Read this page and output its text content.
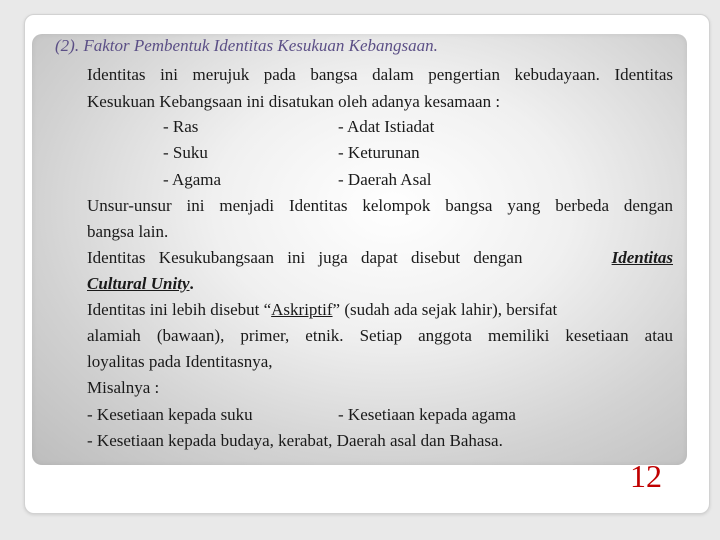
(2). Faktor Pembentuk Identitas Kesukuan Kebangsaan.

Identitas ini merujuk pada bangsa dalam pengertian kebudayaan. Identitas

Kesukuan Kebangsaan ini disatukan oleh adanya kesamaan :

- Ras	- Adat Istiadat

- Suku	- Keturunan

- Agama	- Daerah Asal

Unsur-unsur ini menjadi Identitas kelompok bangsa yang berbeda dengan

bangsa lain.

Identitas Kesukubangsaan ini juga dapat disebut dengan	Identitas

Cultural Unity.

Identitas ini lebih disebut “Askriptif” (sudah ada sejak lahir), bersifat

alamiah (bawaan), primer, etnik. Setiap anggota memiliki kesetiaan atau

loyalitas pada Identitasnya,

Misalnya :

- Kesetiaan kepada suku	- Kesetiaan kepada agama

- Kesetiaan kepada budaya, kerabat, Daerah asal dan Bahasa.

12
